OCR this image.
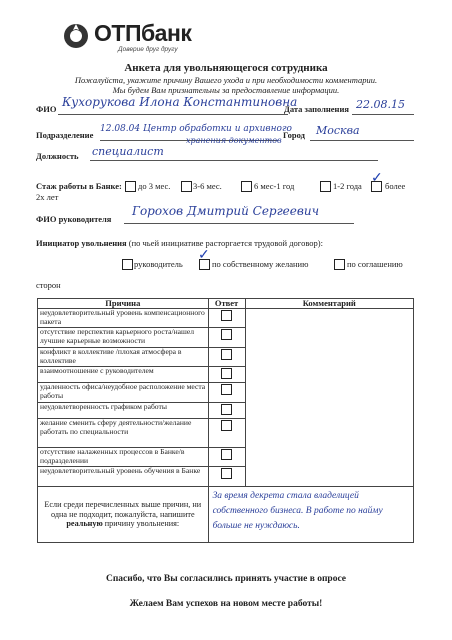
ОТПбанк
Доверие друг другу
Анкета для увольняющегося сотрудника
Пожалуйста, укажите причину Вашего ухода и при необходимости комментарии.
Мы будем Вам признательны за предоставление информации.
ФИО Кухорукова Илона Константиновна
Дата заполнения 22.08.15
Подразделение
12.08.04 Центр обработки и архивного
хранения документов
Город Москва
Должность специалист
Стаж работы в Банке: до 3 мес.	3-6 мес.	6 мес-1 год	1-2 года ✓ более
2х лет
ФИО руководителя
Горохов Дмитрий Сергеевич
Инициатор увольнения (по чьей инициативе расторгается трудовой договор):
руководитель
✓
по собственному желанию	по соглашению
сторон
Причина	Ответ	Комментарий
неудовлетворительный уровень компенсационного пакета	

отсутствие перспектив карьерного роста/нашел лучшие карьерные возможности		

конфликт в коллективе /плохая атмосфера в коллективе		

взаимоотношение с руководителем		

удаленность офиса/неудобное расположение места работы		

неудовлетворенность графиком работы		

желание сменить сферу деятельности/желание работать по специальности		

отсутствие налаженных процессов в Банке/в подразделении		

неудовлетворительный уровень обучения в Банке		

Если среди перечисленных выше причин, ни одна не подходит, пожалуйста, напишите реальную причину увольнения:	За время декрета стала владелицей собственного бизнеса. В работе по найму больше не нуждаюсь.	
Спасибо, что Вы согласились принять участие в опросе
Желаем Вам успехов на новом месте работы!
